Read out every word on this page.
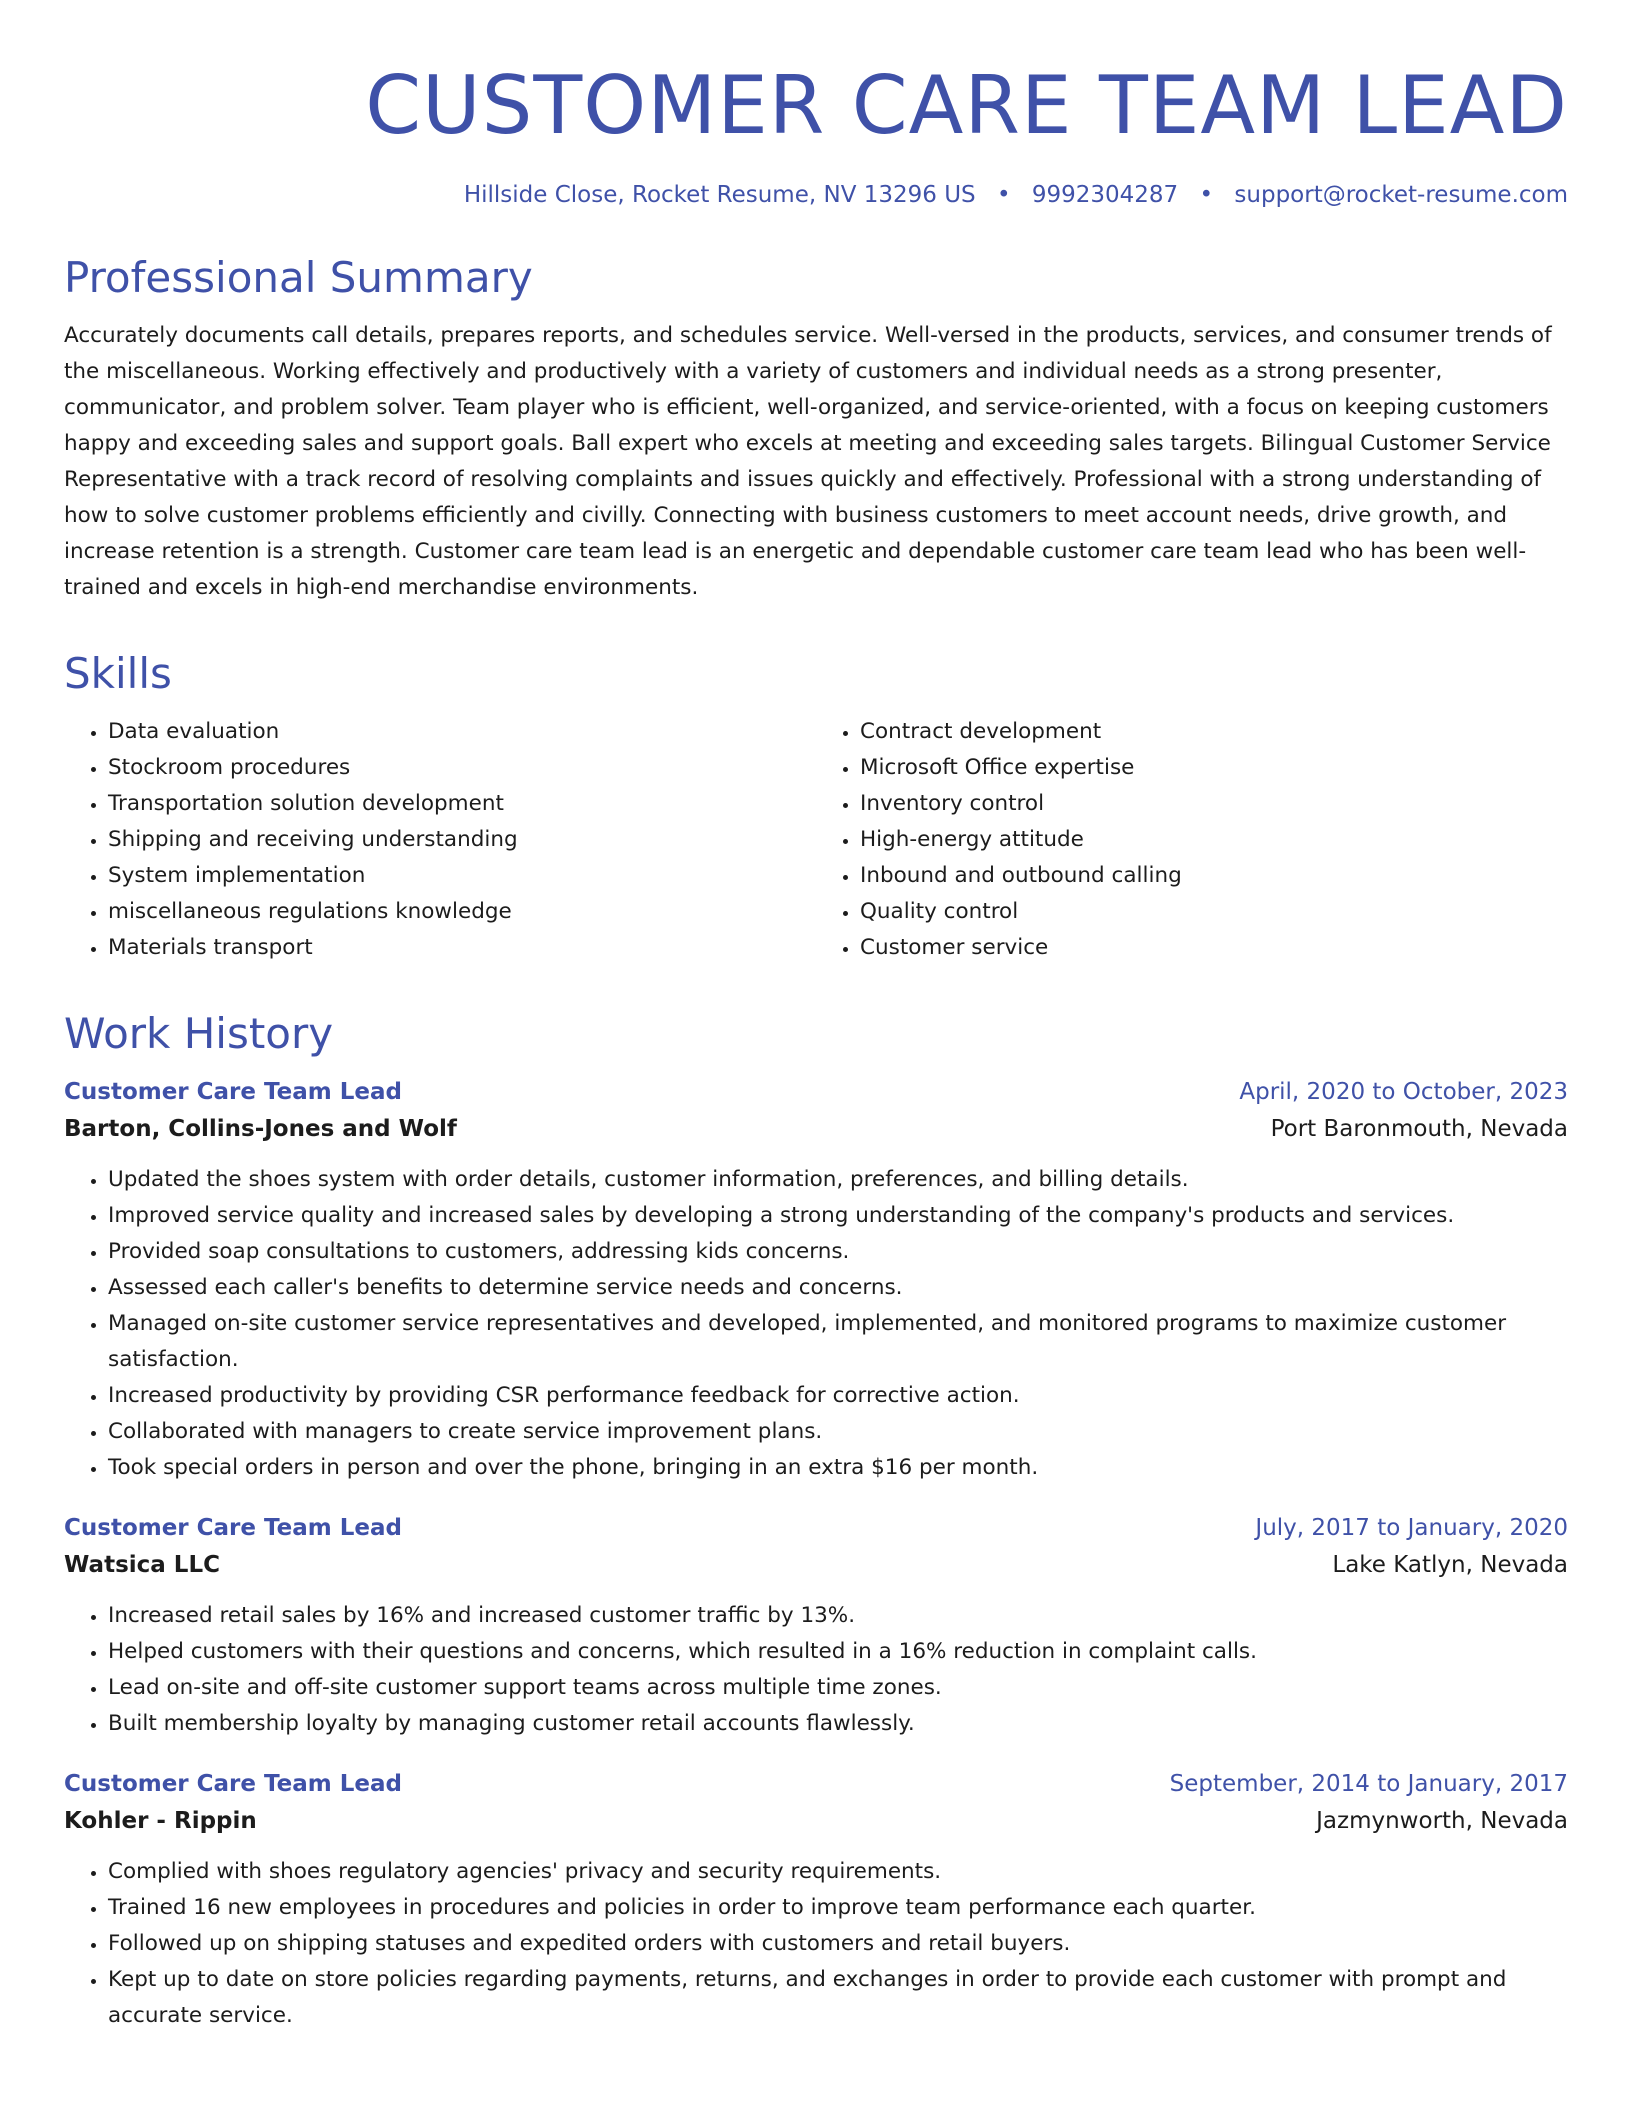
CUSTOMER CARE TEAM LEAD
Hillside Close, Rocket Resume, NV 13296 US • 9992304287 • support@rocket-resume.com
Professional Summary

Accurately documents call details, prepares reports, and schedules service. Well-versed in the products, services, and consumer trends of the miscellaneous. Working effectively and productively with a variety of customers and individual needs as a strong presenter, communicator, and problem solver. Team player who is efficient, well-organized, and service-oriented, with a focus on keeping customers happy and exceeding sales and support goals. Ball expert who excels at meeting and exceeding sales targets. Bilingual Customer Service Representative with a track record of resolving complaints and issues quickly and effectively. Professional with a strong understanding of how to solve customer problems efficiently and civilly. Connecting with business customers to meet account needs, drive growth, and increase retention is a strength. Customer care team lead is an energetic and dependable customer care team lead who has been well-trained and excels in high-end merchandise environments.

Skills
• Data evaluation
• Stockroom procedures
• Transportation solution development
• Shipping and receiving understanding
• System implementation
• miscellaneous regulations knowledge
• Materials transport
• Contract development
• Microsoft Office expertise
• Inventory control
• High-energy attitude
• Inbound and outbound calling
• Quality control
• Customer service
Work History
Customer Care Team Lead	April, 2020 to October, 2023
Barton, Collins-Jones and Wolf	Port Baronmouth, Nevada
• Updated the shoes system with order details, customer information, preferences, and billing details.
• Improved service quality and increased sales by developing a strong understanding of the company's products and services.
• Provided soap consultations to customers, addressing kids concerns.
• Assessed each caller's benefits to determine service needs and concerns.
• Managed on-site customer service representatives and developed, implemented, and monitored programs to maximize customer satisfaction.
• Increased productivity by providing CSR performance feedback for corrective action.
• Collaborated with managers to create service improvement plans.
• Took special orders in person and over the phone, bringing in an extra $16 per month.
Customer Care Team Lead	July, 2017 to January, 2020
Watsica LLC	Lake Katlyn, Nevada
• Increased retail sales by 16% and increased customer traffic by 13%.
• Helped customers with their questions and concerns, which resulted in a 16% reduction in complaint calls.
• Lead on-site and off-site customer support teams across multiple time zones.
• Built membership loyalty by managing customer retail accounts flawlessly.
Customer Care Team Lead	September, 2014 to January, 2017
Kohler - Rippin	Jazmynworth, Nevada
• Complied with shoes regulatory agencies' privacy and security requirements.
• Trained 16 new employees in procedures and policies in order to improve team performance each quarter.
• Followed up on shipping statuses and expedited orders with customers and retail buyers.
• Kept up to date on store policies regarding payments, returns, and exchanges in order to provide each customer with prompt and accurate service.
